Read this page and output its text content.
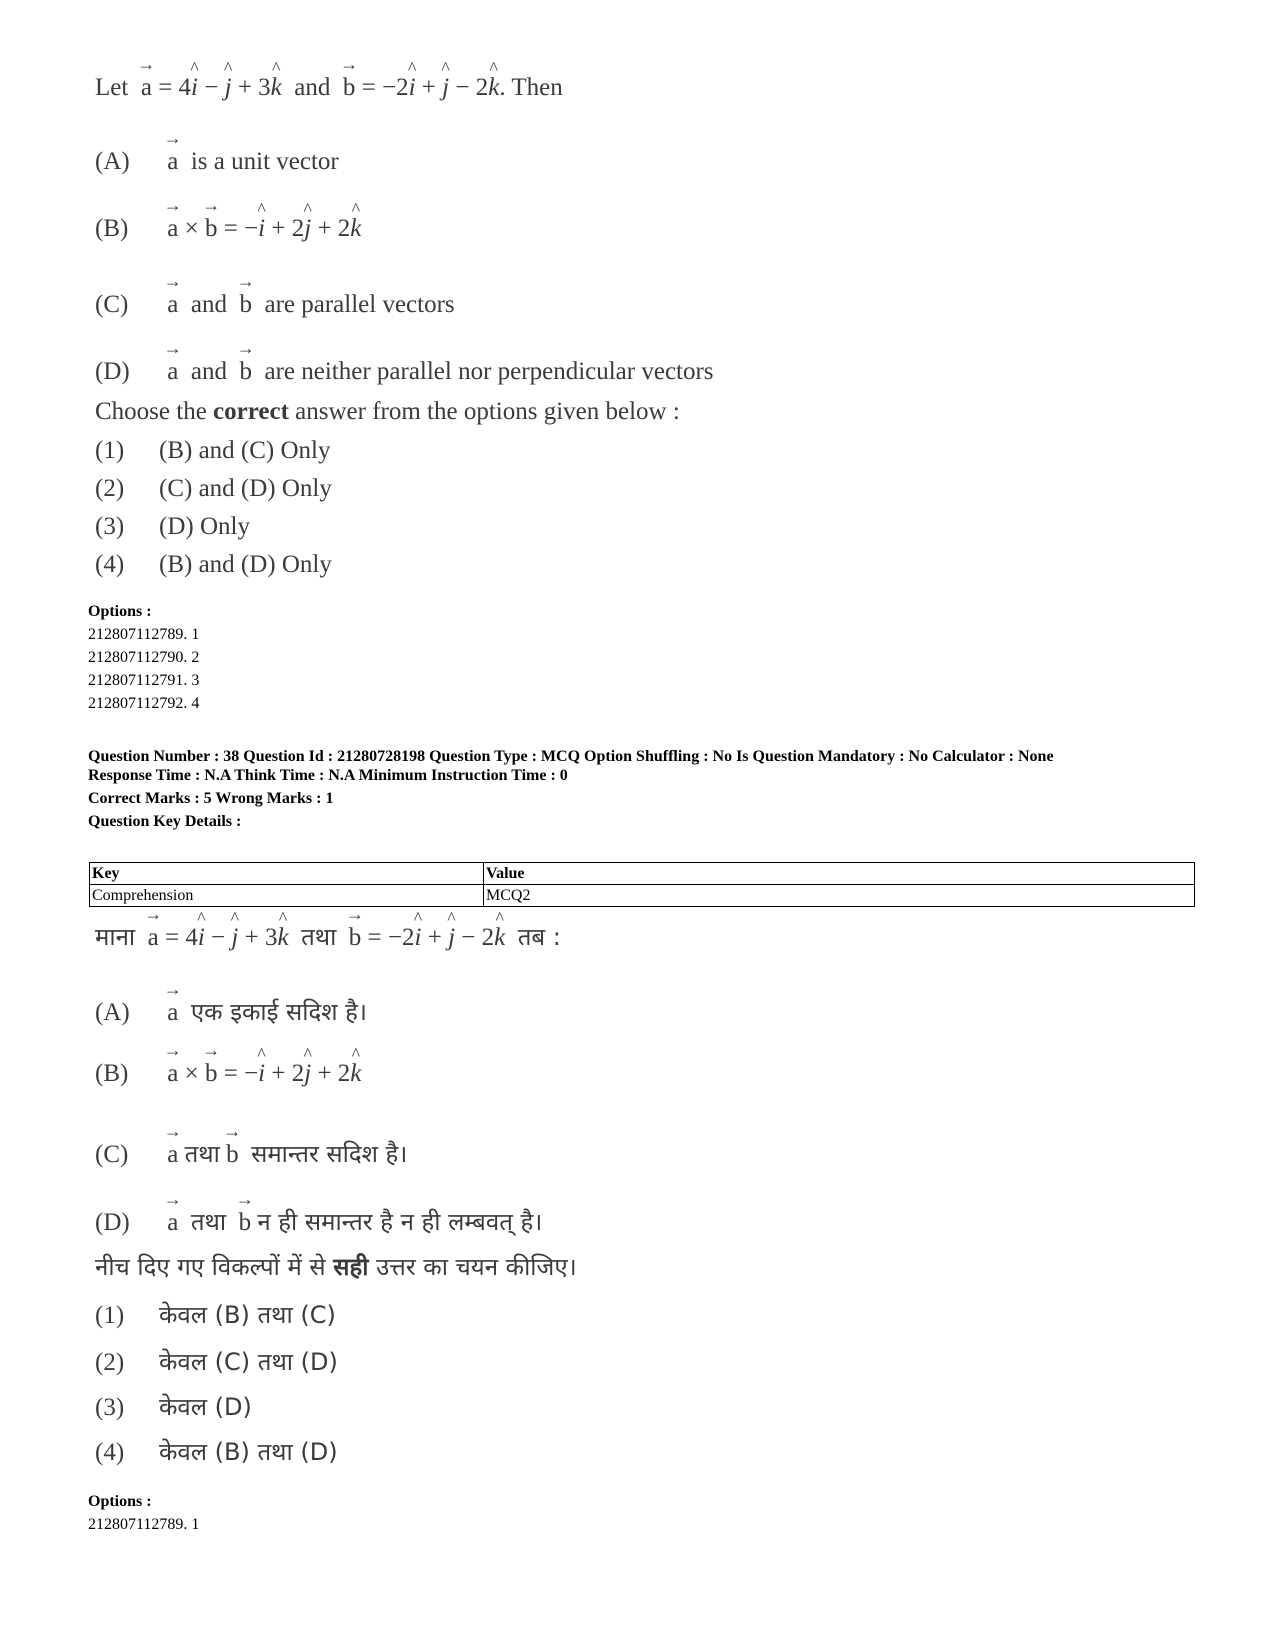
Let → a = 4^ i − ^ j + 3^ k and → b = −2^ i + ^ j − 2^ k. Then
(A) → a is a unit vector
(B) → a × → b = −^ i + 2^ j + 2^ k
(C) → a and → b are parallel vectors
(D) → a and → b are neither parallel nor perpendicular vectors
Choose the correct answer from the options given below :
(1) (B) and (C) Only
(2) (C) and (D) Only
(3) (D) Only
(4) (B) and (D) Only
Options :
212807112789. 1
212807112790. 2
212807112791. 3
212807112792. 4
Question Number : 38 Question Id : 21280728198 Question Type : MCQ Option Shuffling : No Is Question Mandatory : No Calculator : None
Response Time : N.A Think Time : N.A Minimum Instruction Time : 0
Correct Marks : 5 Wrong Marks : 1
Question Key Details :
Key	Value
Comprehension	MCQ2
माना → a = 4^ i − ^ j + 3^ k तथा → b = −2^ i + ^ j − 2^ k तब :
(A) → a एक इकाई सदिश है।
(B) → a × → b = −^ i + 2^ j + 2^ k
(C) → a तथा → b समान्तर सदिश है।
(D) → a तथा → b न ही समान्तर है न ही लम्बवत् है।
नीच दिए गए विकल्पों में से सही उत्तर का चयन कीजिए।
(1) केवल (B) तथा (C)
(2) केवल (C) तथा (D)
(3) केवल (D)
(4) केवल (B) तथा (D)
Options :
212807112789. 1
